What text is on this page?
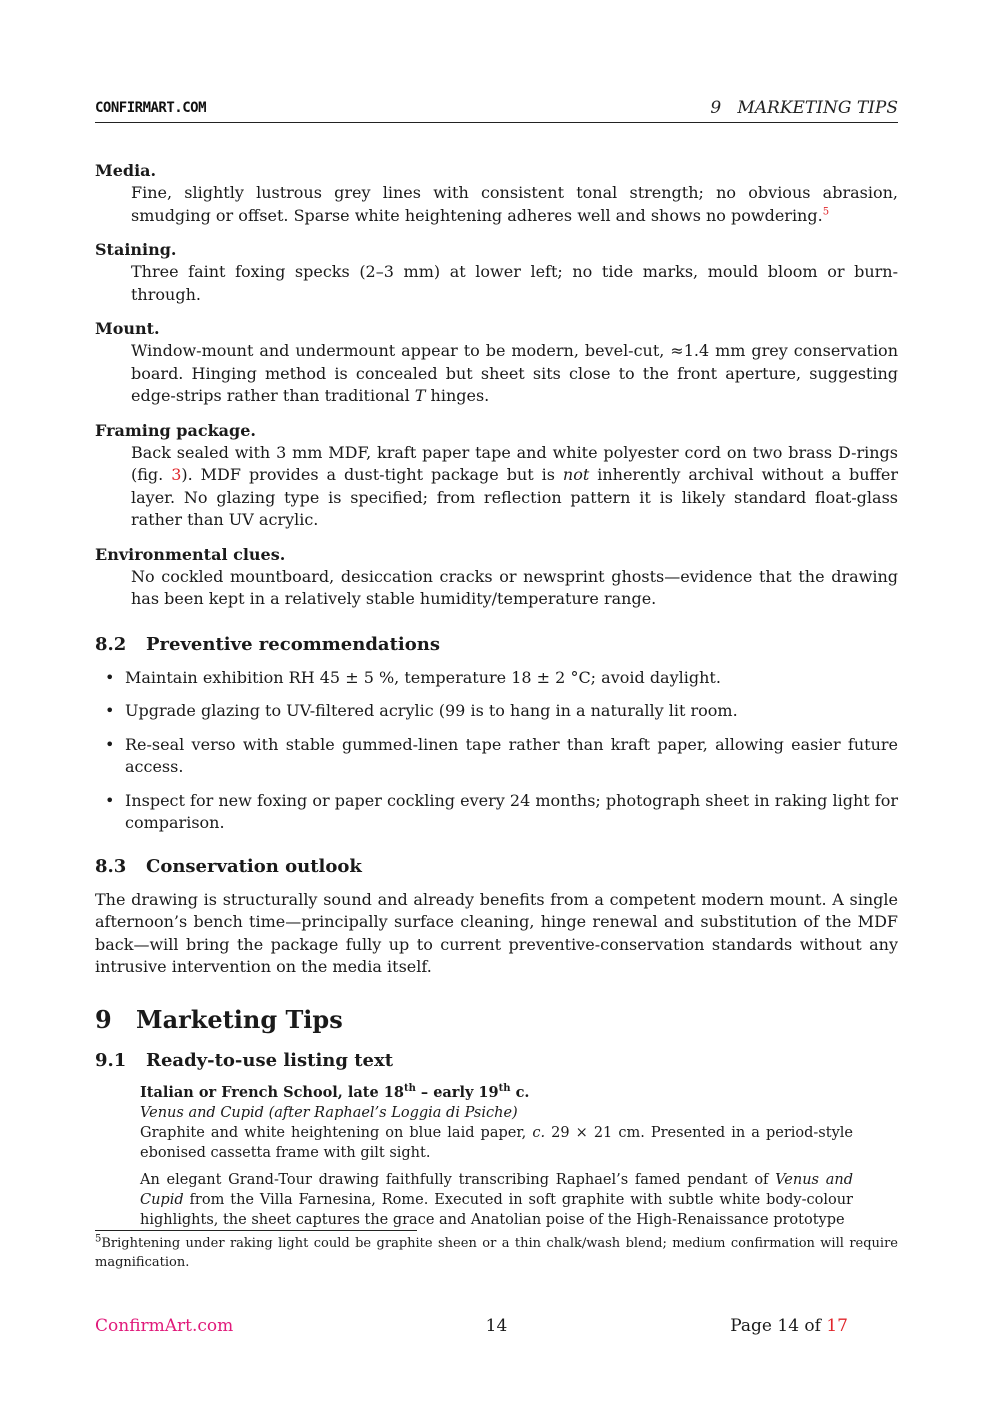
CONFIRMART.COM	9   MARKETING TIPS

Media.

Fine, slightly lustrous grey lines with consistent tonal strength; no obvious abrasion, smudging or offset. Sparse white heightening adheres well and shows no powdering.$^5$

Staining.

Three faint foxing specks (2–3 mm) at lower left; no tide marks, mould bloom or burn-through.

Mount.

Window-mount and undermount appear to be modern, bevel-cut, ≈1.4 mm grey conservation board. Hinging method is concealed but sheet sits close to the front aperture, suggesting edge-strips rather than traditional T hinges.

Framing package.

Back sealed with 3 mm MDF, kraft paper tape and white polyester cord on two brass D-rings (fig. 3). MDF provides a dust-tight package but is not inherently archival without a buffer layer. No glazing type is specified; from reflection pattern it is likely standard float-glass rather than UV acrylic.

Environmental clues.

No cockled mountboard, desiccation cracks or newsprint ghosts—evidence that the drawing has been kept in a relatively stable humidity/temperature range.

8.2 Preventive recommendations
• Maintain exhibition RH 45 ± 5 %, temperature 18 ± 2 °C; avoid daylight.
• Upgrade glazing to UV-filtered acrylic (99 is to hang in a naturally lit room.
• Re-seal verso with stable gummed-linen tape rather than kraft paper, allowing easier future access.
• Inspect for new foxing or paper cockling every 24 months; photograph sheet in raking light for comparison.
8.3 Conservation outlook

The drawing is structurally sound and already benefits from a competent modern mount. A single afternoon’s bench time—principally surface cleaning, hinge renewal and substitution of the MDF back—will bring the package fully up to current preventive-conservation standards without any intrusive intervention on the media itself.

9 Marketing Tips
9.1 Ready-to-use listing text

Italian or French School, late 18th – early 19th c.

Venus and Cupid (after Raphael’s Loggia di Psiche)

Graphite and white heightening on blue laid paper, c. 29 × 21 cm. Presented in a period-style ebonised cassetta frame with gilt sight.

An elegant Grand-Tour drawing faithfully transcribing Raphael’s famed pendant of Venus and Cupid from the Villa Farnesina, Rome. Executed in soft graphite with subtle white body-colour highlights, the sheet captures the grace and Anatolian poise of the High-Renaissance prototype

$^5$Brightening under raking light could be graphite sheen or a thin chalk/wash blend; medium confirmation will require magnification.
ConfirmArt.com	14	Page 14 of 17
